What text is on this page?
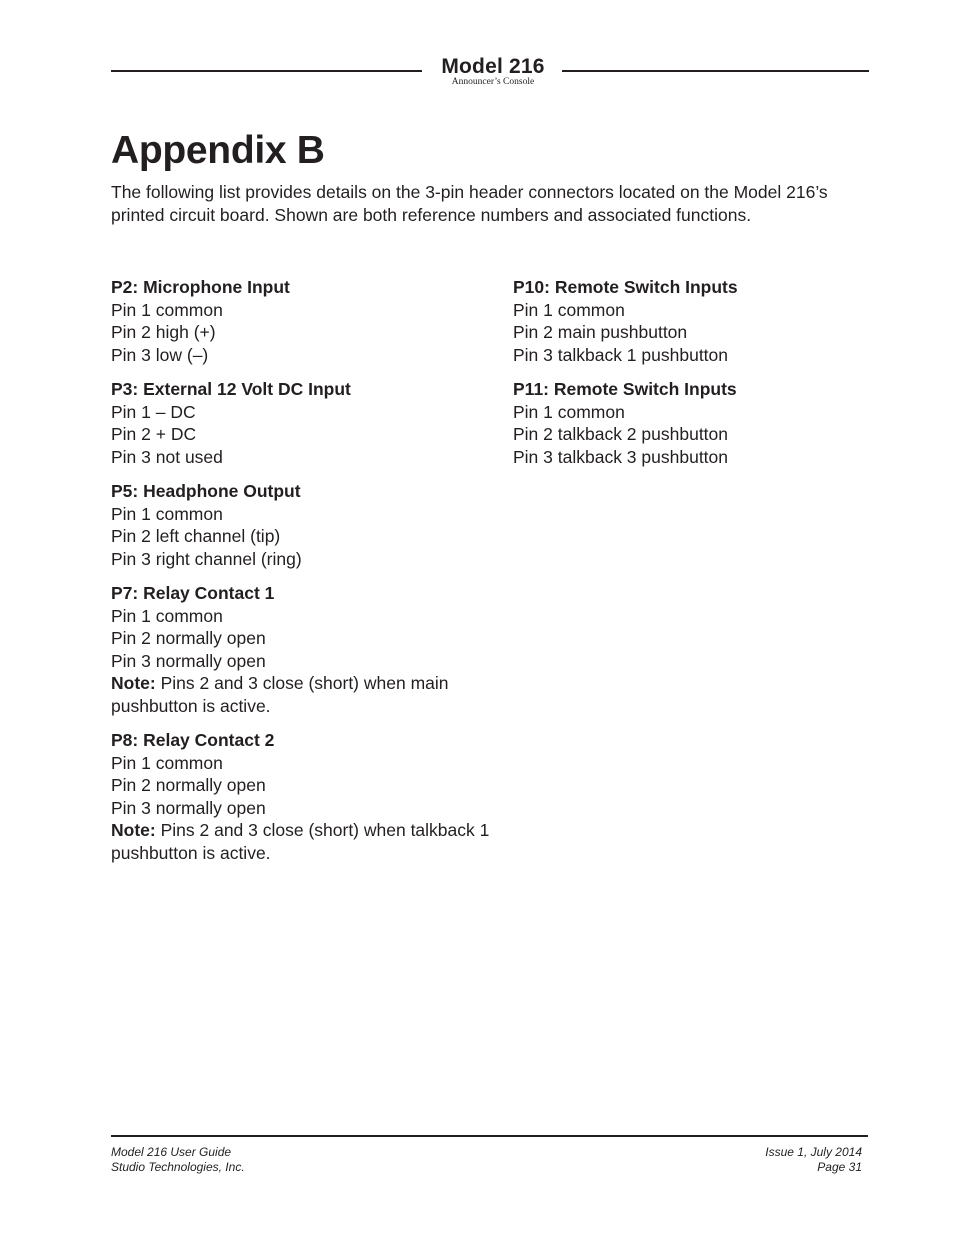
Model 216
Announcer’s Console
Appendix B

The following list provides details on the 3-pin header connectors located on the Model 216’s printed circuit board. Shown are both reference numbers and associated functions.

P2: Microphone Input
Pin 1 common
Pin 2 high (+)
Pin 3 low (–)
P3: External 12 Volt DC Input
Pin 1 – DC
Pin 2 + DC
Pin 3 not used
P5: Headphone Output
Pin 1 common
Pin 2 left channel (tip)
Pin 3 right channel (ring)
P7: Relay Contact 1
Pin 1 common
Pin 2 normally open
Pin 3 normally open
Note: Pins 2 and 3 close (short) when main pushbutton is active.
P8: Relay Contact 2
Pin 1 common
Pin 2 normally open
Pin 3 normally open
Note: Pins 2 and 3 close (short) when talkback 1 pushbutton is active.
P10: Remote Switch Inputs
Pin 1 common
Pin 2 main pushbutton
Pin 3 talkback 1 pushbutton
P11: Remote Switch Inputs
Pin 1 common
Pin 2 talkback 2 pushbutton
Pin 3 talkback 3 pushbutton
Model 216 User Guide
Studio Technologies, Inc.
Issue 1, July 2014
Page 31
